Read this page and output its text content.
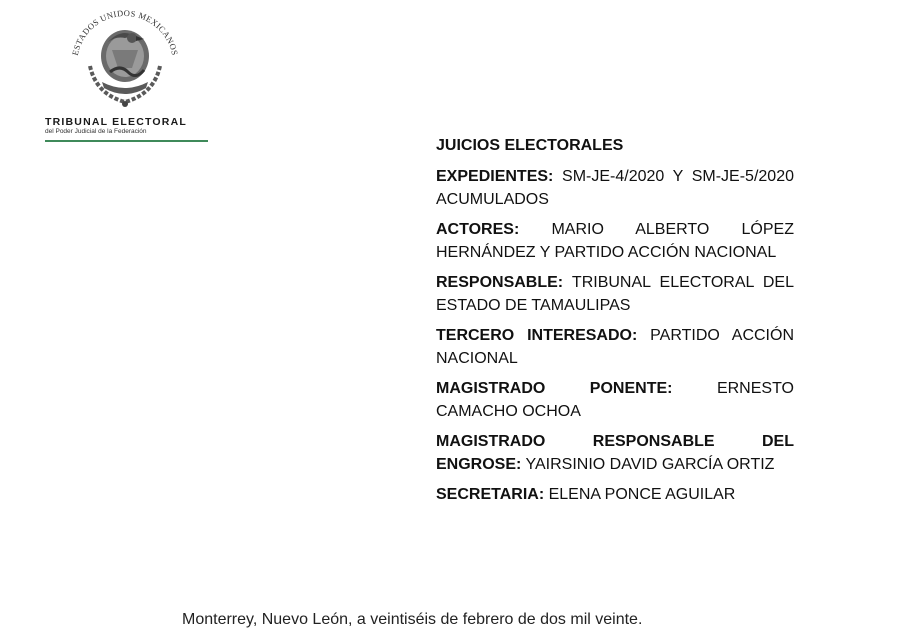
ESTADOS UNIDOS MEXICANOS
TRIBUNAL ELECTORAL
del Poder Judicial de la Federación

JUICIOS ELECTORALES

EXPEDIENTES: SM-JE-4/2020 Y SM-JE-5/2020 ACUMULADOS

ACTORES: MARIO ALBERTO LÓPEZ HERNÁNDEZ Y PARTIDO ACCIÓN NACIONAL

RESPONSABLE: TRIBUNAL ELECTORAL DEL ESTADO DE TAMAULIPAS

TERCERO INTERESADO: PARTIDO ACCIÓN NACIONAL

MAGISTRADO PONENTE:	ERNESTO CAMACHO OCHOA

MAGISTRADO RESPONSABLE DEL ENGROSE: YAIRSINIO DAVID GARCÍA ORTIZ

SECRETARIA: ELENA PONCE AGUILAR

Monterrey, Nuevo León, a veintiséis de febrero de dos mil veinte.
